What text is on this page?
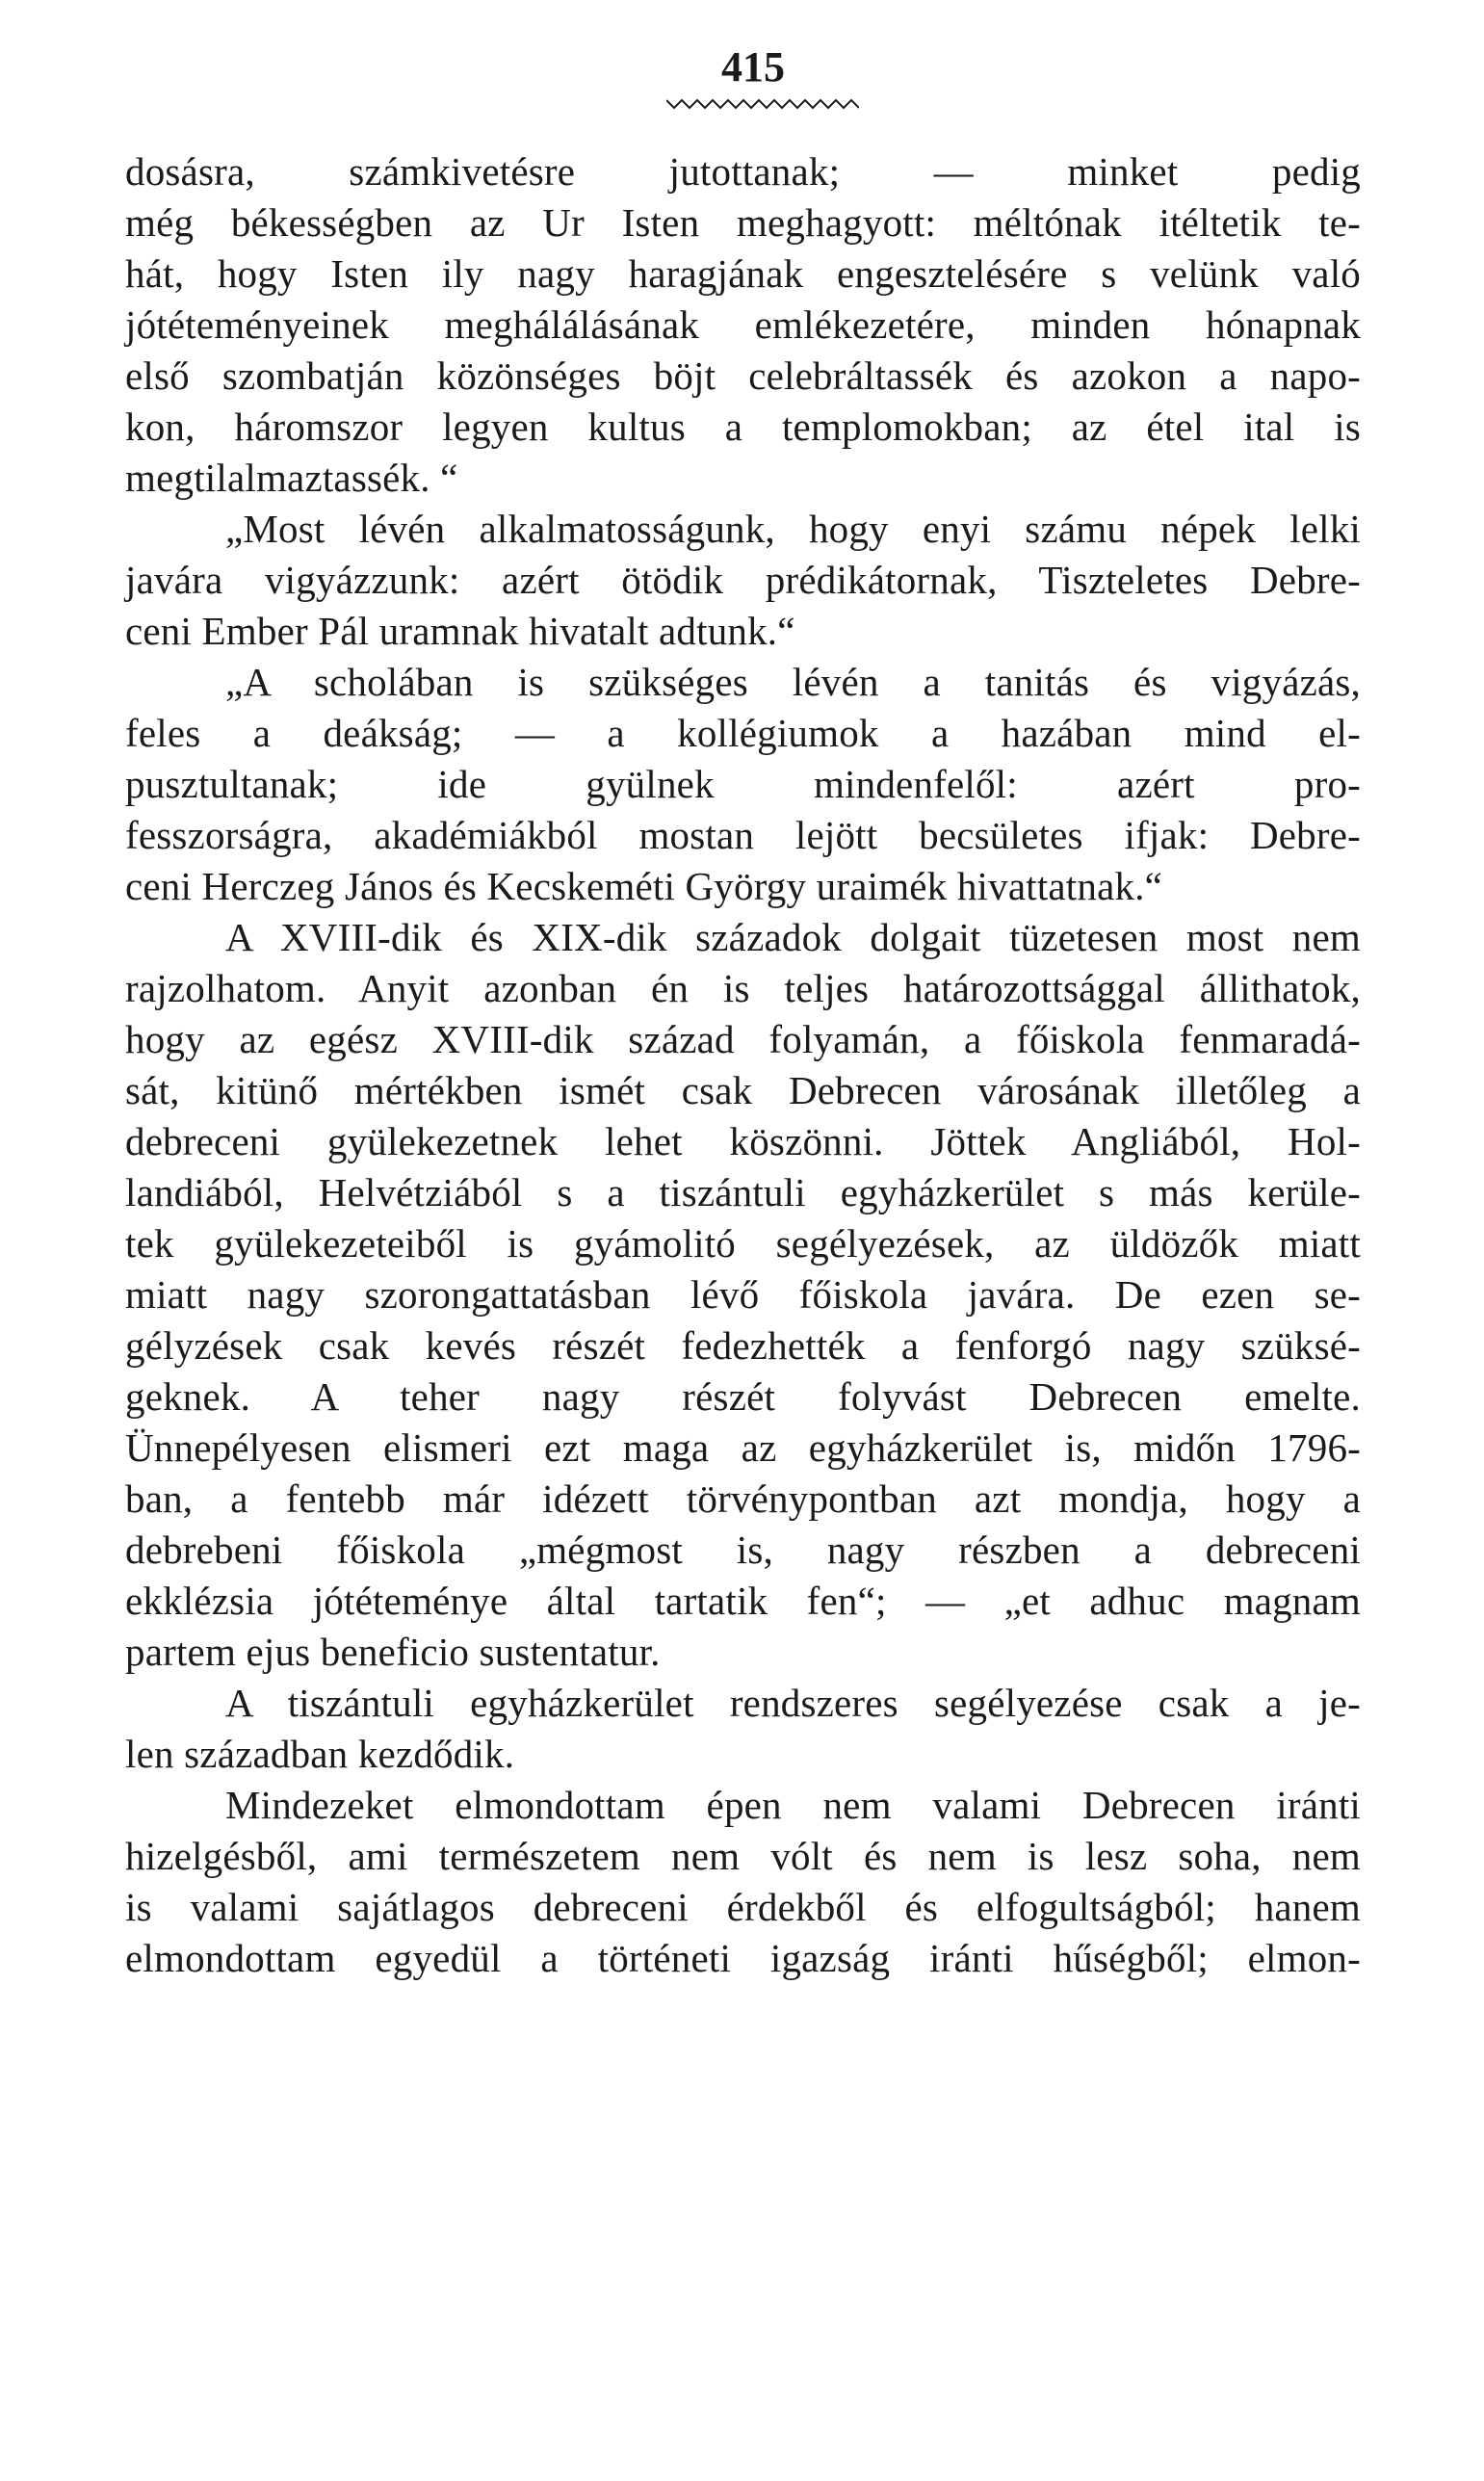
415
dosásra, számkivetésre jutottanak; — minket pedig
még békességben az Ur Isten meghagyott: méltónak itéltetik te-
hát, hogy Isten ily nagy haragjának engesztelésére s velünk való
jótéteményeinek meghálálásának emlékezetére, minden hónapnak
első szombatján közönséges böjt celebráltassék és azokon a napo-
kon, háromszor legyen kultus a templomokban; az étel ital is
megtilalmaztassék. “
„Most lévén alkalmatosságunk, hogy enyi számu népek lelki
javára vigyázzunk: azért ötödik prédikátornak, Tiszteletes Debre-
ceni Ember Pál uramnak hivatalt adtunk.“
„A scholában is szükséges lévén a tanitás és vigyázás,
feles a deákság; — a kollégiumok a hazában mind el-
pusztultanak; ide gyülnek mindenfelől: azért pro-
fesszorságra, akadémiákból mostan lejött becsületes ifjak: Debre-
ceni Herczeg János és Kecskeméti György uraimék hivattatnak.“
A XVIII-dik és XIX-dik századok dolgait tüzetesen most nem
rajzolhatom. Anyit azonban én is teljes határozottsággal állithatok,
hogy az egész XVIII-dik század folyamán, a főiskola fenmaradá-
sát, kitünő mértékben ismét csak Debrecen városának illetőleg a
debreceni gyülekezetnek lehet köszönni. Jöttek Angliából, Hol-
landiából, Helvétziából s a tiszántuli egyházkerület s más kerüle-
tek gyülekezeteiből is gyámolitó segélyezések, az üldözők miatt
miatt nagy szorongattatásban lévő főiskola javára. De ezen se-
gélyzések csak kevés részét fedezhették a fenforgó nagy szüksé-
geknek. A teher nagy részét folyvást Debrecen emelte.
Ünnepélyesen elismeri ezt maga az egyházkerület is, midőn 1796-
ban, a fentebb már idézett törvénypontban azt mondja, hogy a
debrebeni főiskola „mégmost is, nagy részben a debreceni
ekklézsia jótéteménye által tartatik fen“; — „et adhuc magnam
partem ejus beneficio sustentatur.
A tiszántuli egyházkerület rendszeres segélyezése csak a je-
len században kezdődik.
Mindezeket elmondottam épen nem valami Debrecen iránti
hizelgésből, ami természetem nem vólt és nem is lesz soha, nem
is valami sajátlagos debreceni érdekből és elfogultságból; hanem
elmondottam egyedül a történeti igazság iránti hűségből; elmon-
